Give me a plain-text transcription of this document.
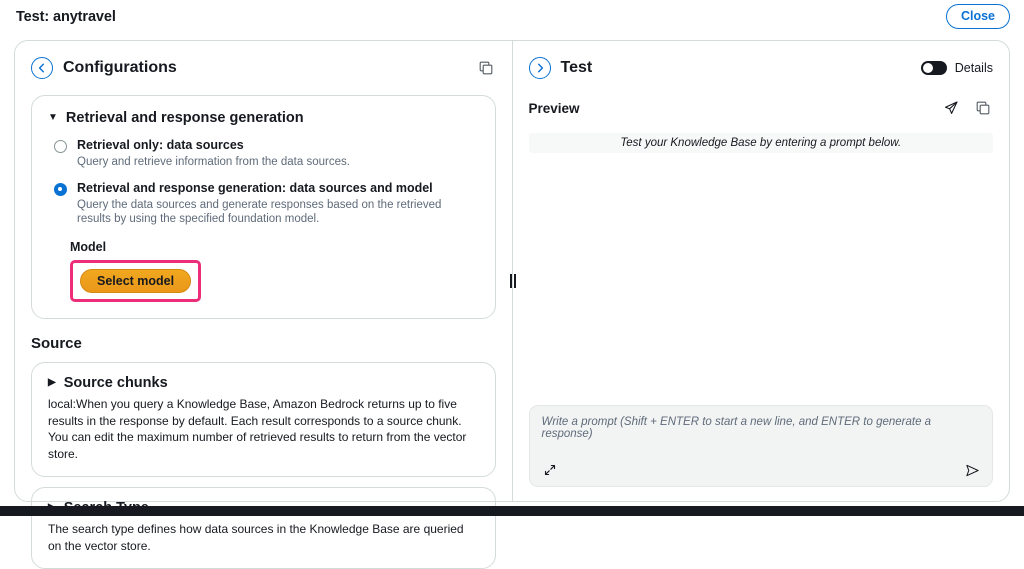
Test: anytravel	Close
Configurations
▼ Retrieval and response generation
Retrieval only: data sources
Query and retrieve information from the data sources.
Retrieval and response generation: data sources and model
Query the data sources and generate responses based on the retrieved results by using the specified foundation model.
Model
Select model
Source
▶ Source chunks
local:When you query a Knowledge Base, Amazon Bedrock returns up to five results in the response by default. Each result corresponds to a source chunk. You can edit the maximum number of retrieved results to return from the vector store.
The search type defines how data sources in the Knowledge Base are queried on the vector store.
Test	Details
Preview
Test your Knowledge Base by entering a prompt below.
Write a prompt (Shift + ENTER to start a new line, and ENTER to generate a response)
